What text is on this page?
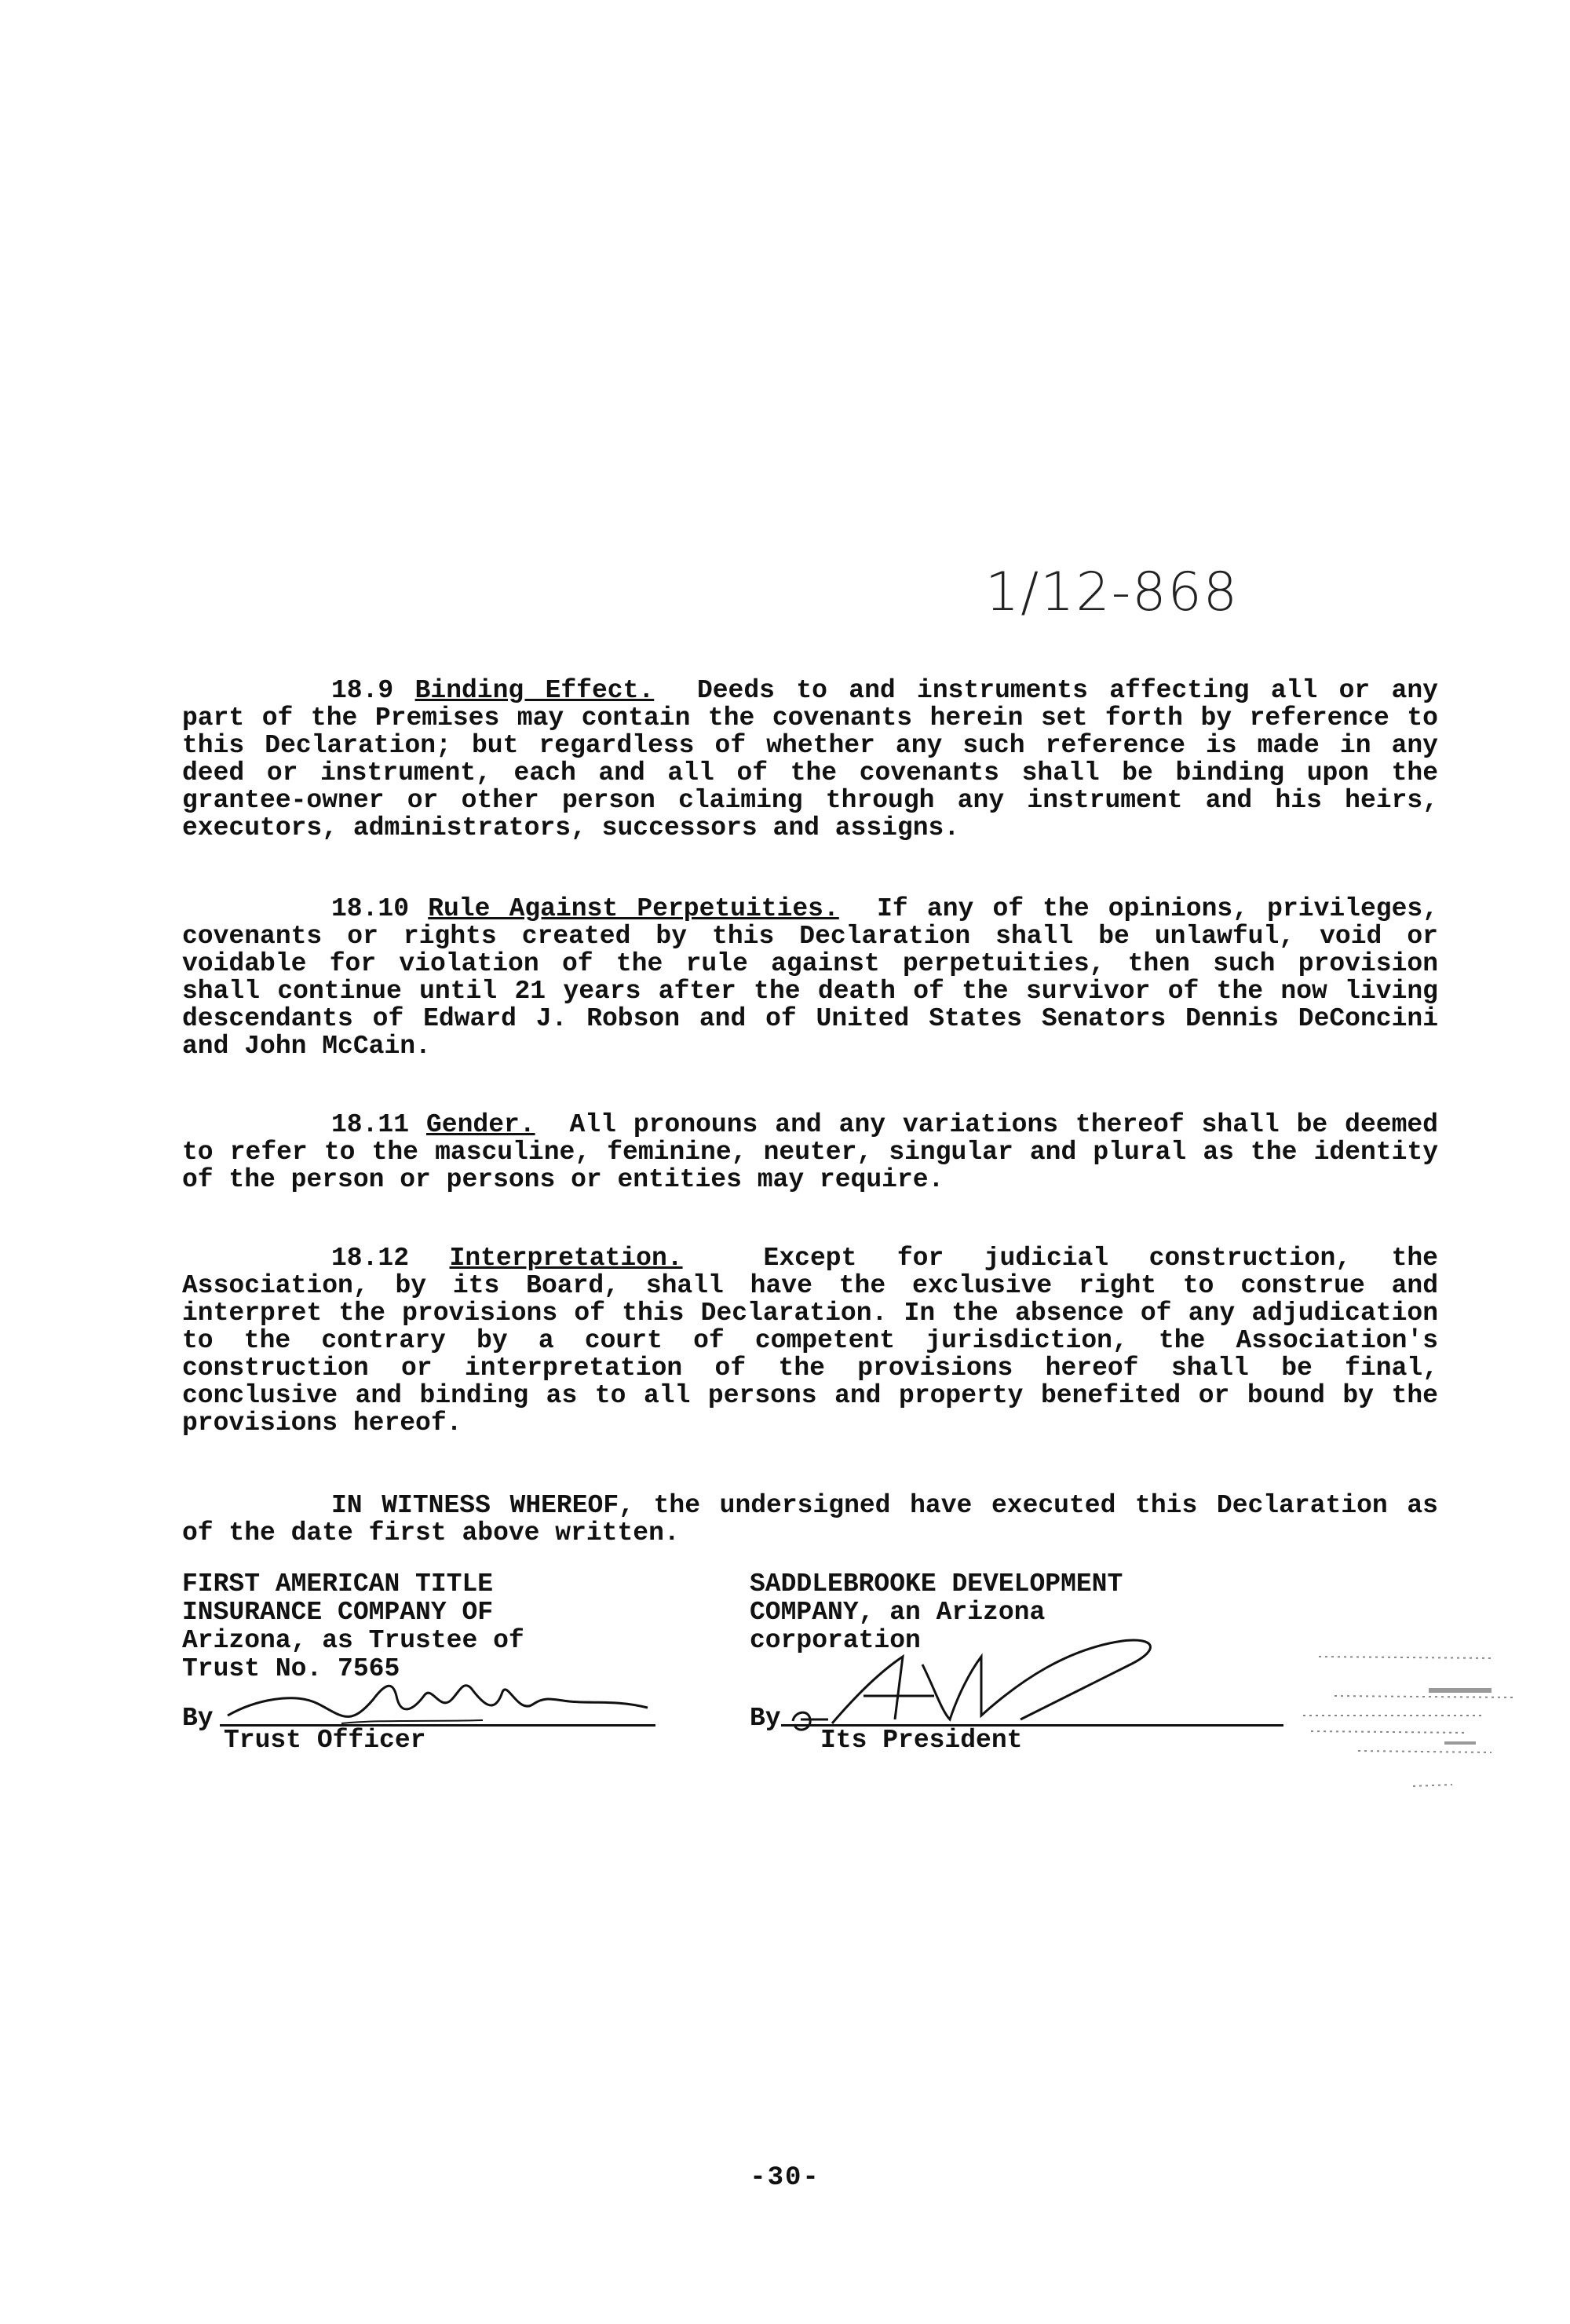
1/12-868

18.9 Binding Effect. Deeds to and instruments affecting all or any part of the Premises may contain the covenants herein set forth by reference to this Declaration; but regardless of whether any such reference is made in any deed or instrument, each and all of the covenants shall be binding upon the grantee-owner or other person claiming through any instrument and his heirs, executors, administrators, successors and assigns.

18.10 Rule Against Perpetuities. If any of the opinions, privileges, covenants or rights created by this Declaration shall be unlawful, void or voidable for violation of the rule against perpetuities, then such provision shall continue until 21 years after the death of the survivor of the now living descendants of Edward J. Robson and of United States Senators Dennis DeConcini and John McCain.

18.11 Gender. All pronouns and any variations thereof shall be deemed to refer to the masculine, feminine, neuter, singular and plural as the identity of the person or persons or entities may require.

18.12 Interpretation.	Except for judicial construction, the Association, by its Board, shall have the exclusive right to construe and interpret the provisions of this Declaration. In the absence of any adjudication to the contrary by a court of competent jurisdiction, the Association's construction or interpretation of the provisions hereof shall be final, conclusive and binding as to all persons and property benefited or bound by the provisions hereof.

IN WITNESS WHEREOF, the undersigned have executed this Declaration as of the date first above written.

FIRST AMERICAN TITLE
INSURANCE COMPANY OF
Arizona, as Trustee of
Trust No. 7565
SADDLEBROOKE DEVELOPMENT
COMPANY, an Arizona
corporation
By
Trust Officer
By
Its President
-30-
